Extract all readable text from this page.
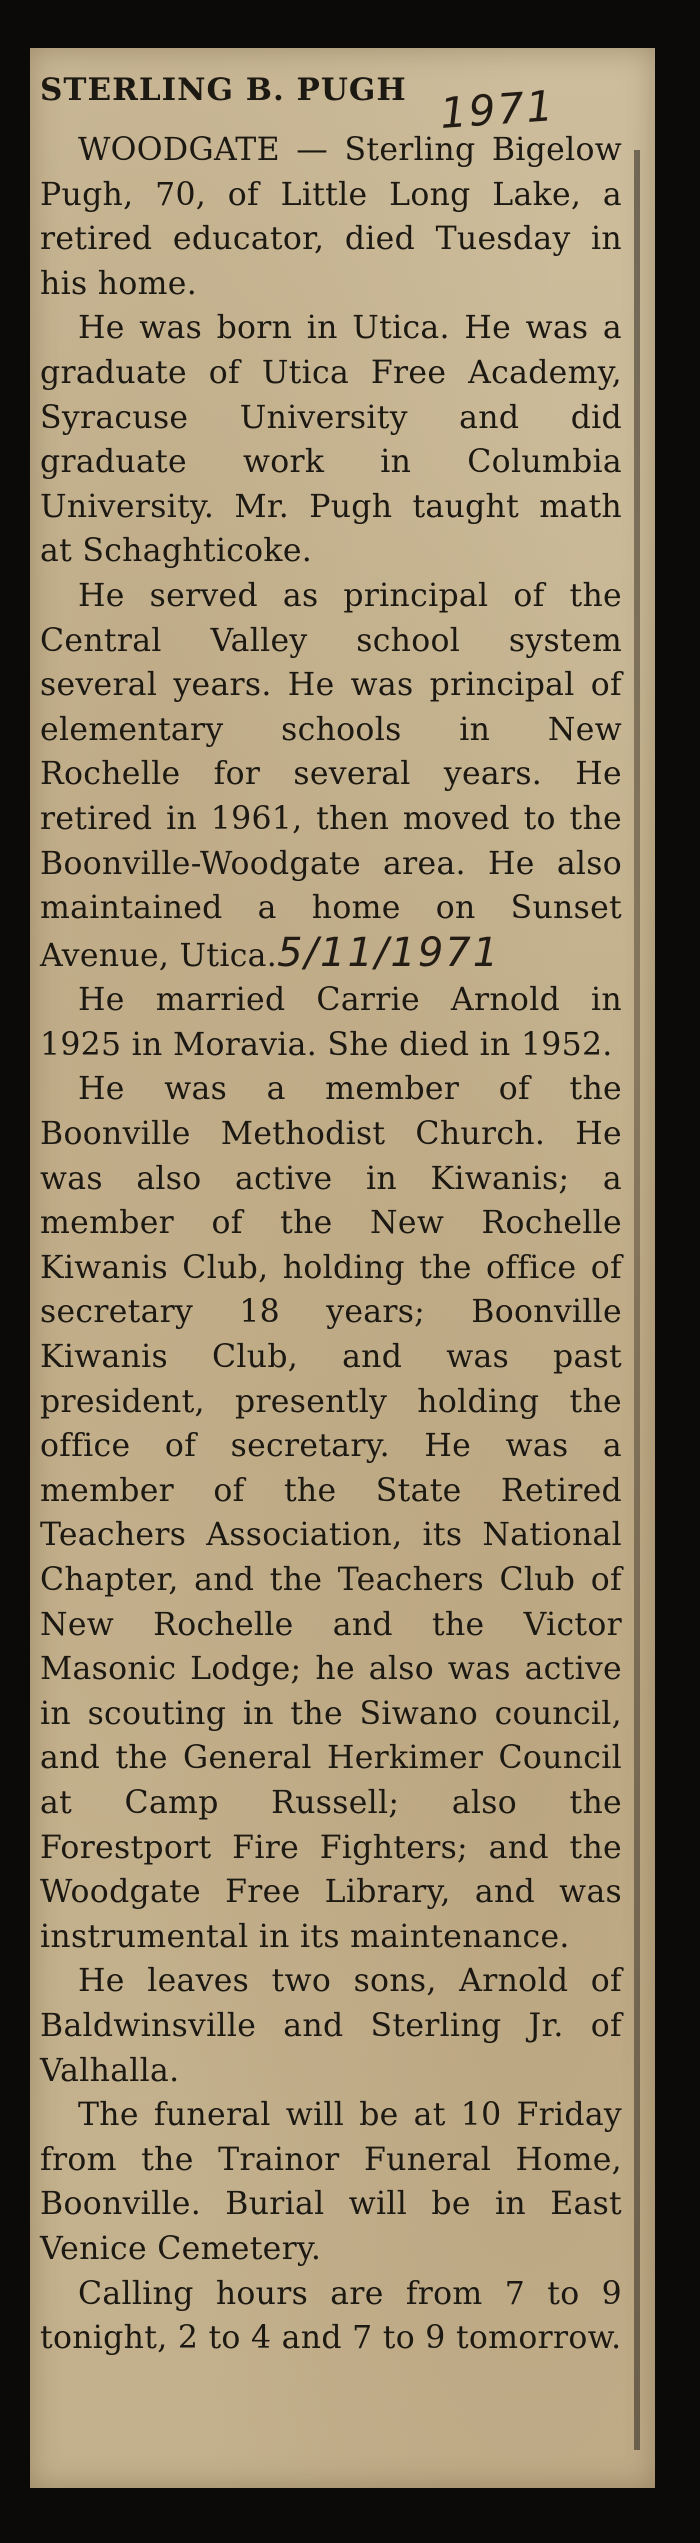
1971
STERLING B. PUGH

WOODGATE — Sterling Bigelow Pugh, 70, of Little Long Lake, a retired educator, died Tuesday in his home.

He was born in Utica. He was a graduate of Utica Free Academy, Syracuse University and did graduate work in Columbia University. Mr. Pugh taught math at Schaghticoke.

He served as principal of the Central Valley school system several years. He was principal of elementary schools in New Rochelle for several years. He retired in 1961, then moved to the Boonville-Woodgate area. He also maintained a home on Sunset Avenue, Utica.5/11/1971

He married Carrie Arnold in 1925 in Moravia. She died in 1952.

He was a member of the Boonville Methodist Church. He was also active in Kiwanis; a member of the New Rochelle Kiwanis Club, holding the office of secretary 18 years; Boonville Kiwanis Club, and was past president, presently holding the office of secretary. He was a member of the State Retired Teachers Association, its National Chapter, and the Teachers Club of New Rochelle and the Victor Masonic Lodge; he also was active in scouting in the Siwano council, and the General Herkimer Council at Camp Russell; also the Forestport Fire Fighters; and the Woodgate Free Library, and was instrumental in its maintenance.

He leaves two sons, Arnold of Baldwinsville and Sterling Jr. of Valhalla.

The funeral will be at 10 Friday from the Trainor Funeral Home, Boonville. Burial will be in East Venice Cemetery.

Calling hours are from 7 to 9 tonight, 2 to 4 and 7 to 9 tomorrow.
